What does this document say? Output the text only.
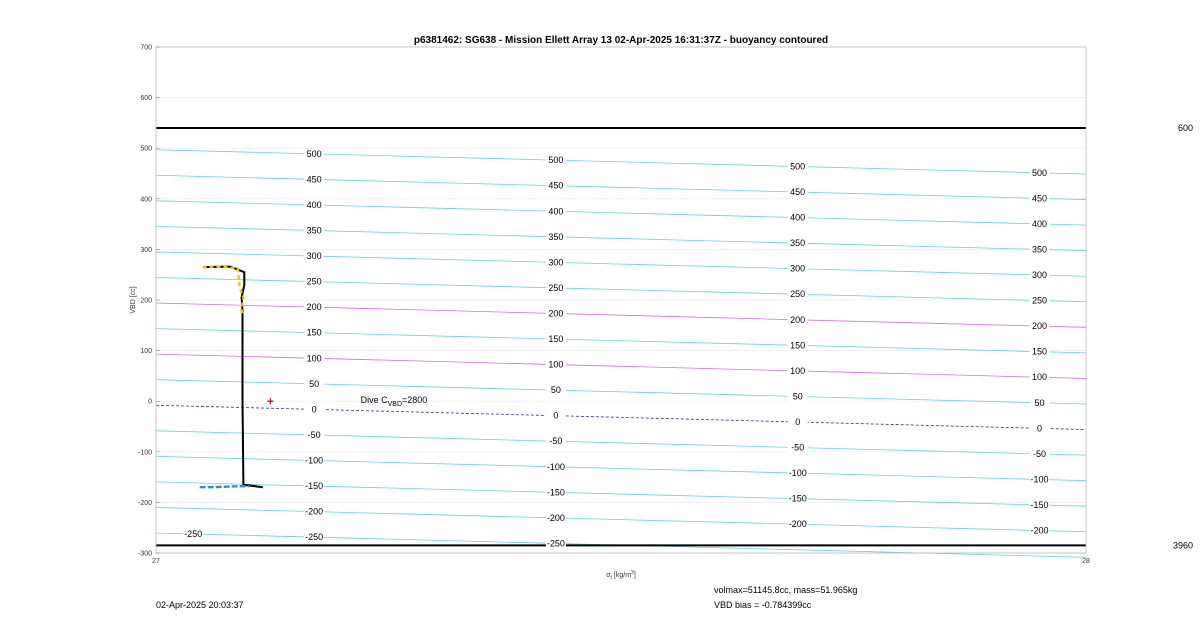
600
3960
500
450
400
350
300
250
200
150
100
50
0
-50
-100
-150
-200
-250
500
450
400
350
300
250
200
150
100
50
0
-50
-100
-150
-200
-250
500
450
400
350
300
250
200
150
100
50
0
-50
-100
-150
-200
500
450
400
350
300
250
200
150
100
50
0
-50
-100
-150
-200
-250
700
600
500
400
300
200
100
0
-100
-200
-300
27	28
p6381462: SG638 - Mission Ellett Array 13 02-Apr-2025 16:31:37Z - buoyancy contoured
VBD [cc]
$\sigma_t$ $[kg/m^3]$
Dive $C_{VBD}=2800$
02-Apr-2025 20:03:37
volmax=51145.8cc, mass=51.965kg
VBD bias = -0.784399cc
